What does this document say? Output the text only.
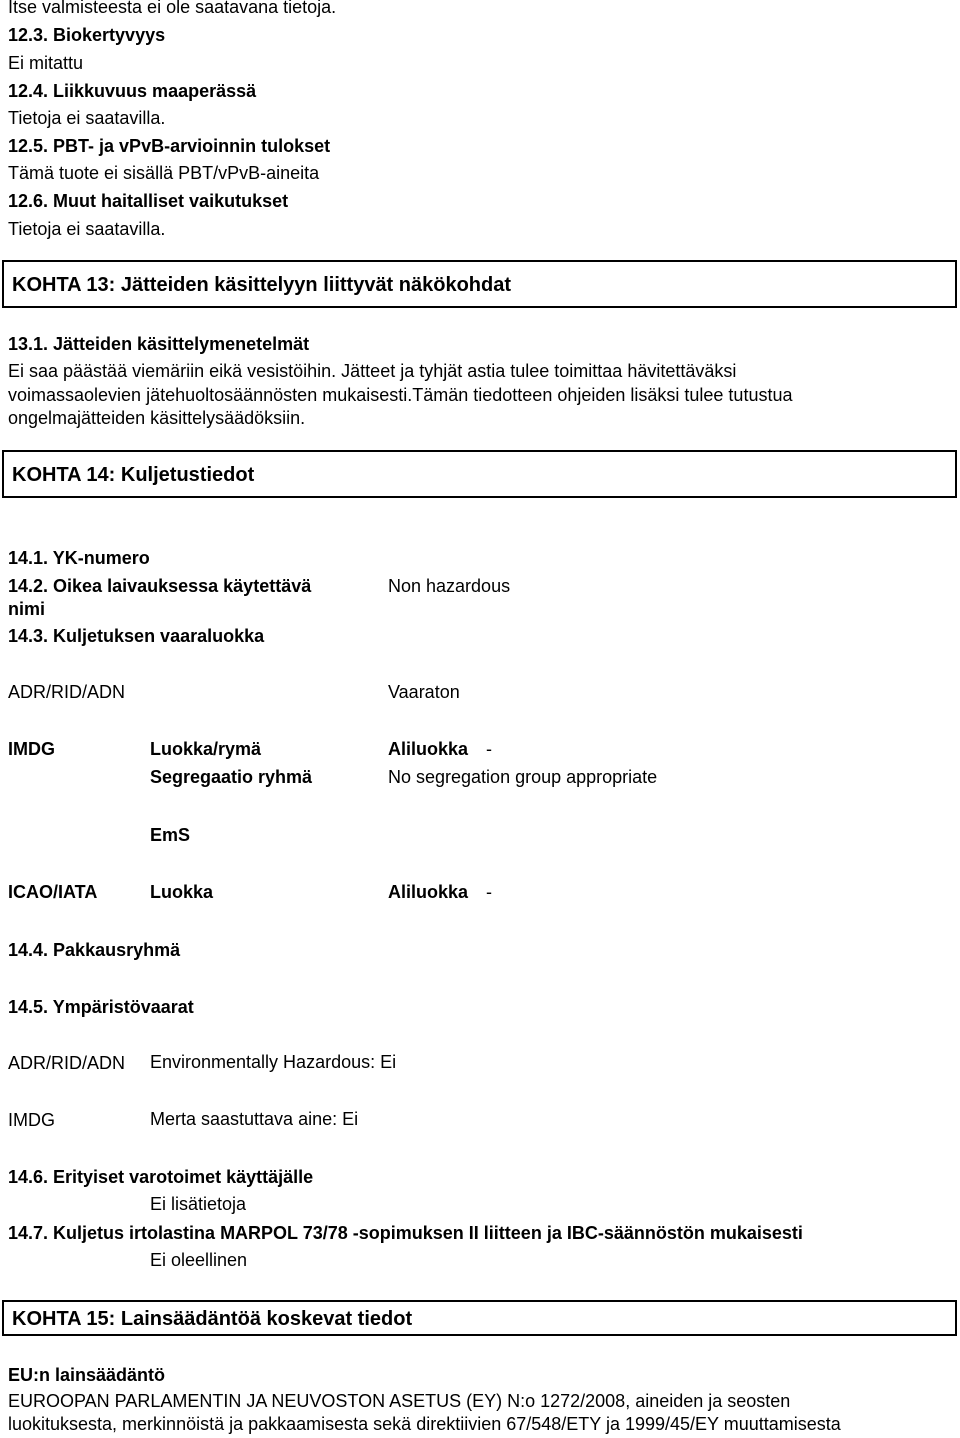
Itse valmisteesta ei ole saatavana tietoja.
12.3. Biokertyvyys
Ei mitattu
12.4. Liikkuvuus maaperässä
Tietoja ei saatavilla.
12.5. PBT- ja vPvB-arvioinnin tulokset
Tämä tuote ei sisällä PBT/vPvB-aineita
12.6. Muut haitalliset vaikutukset
Tietoja ei saatavilla.
KOHTA 13: Jätteiden käsittelyyn liittyvät näkökohdat
13.1. Jätteiden käsittelymenetelmät
Ei saa päästää viemäriin eikä vesistöihin. Jätteet ja tyhjät astia tulee toimittaa hävitettäväksi
voimassaolevien jätehuoltosäännösten mukaisesti.Tämän tiedotteen ohjeiden lisäksi tulee tutustua
ongelmajätteiden käsittelysäädöksiin.
KOHTA 14: Kuljetustiedot
14.1. YK-numero
14.2. Oikea laivauksessa käytettävä
nimi
Non hazardous
14.3. Kuljetuksen vaaraluokka
ADR/RID/ADN	Vaaraton
IMDG	Luokka/rymä	Aliluokka -
Segregaatio ryhmä	No segregation group appropriate
EmS
ICAO/IATA	Luokka	Aliluokka -
14.4. Pakkausryhmä
14.5. Ympäristövaarat
ADR/RID/ADN Environmentally Hazardous: Ei
IMDG	Merta saastuttava aine: Ei
14.6. Erityiset varotoimet käyttäjälle
Ei lisätietoja
14.7. Kuljetus irtolastina MARPOL 73/78 -sopimuksen II liitteen ja IBC-säännöstön mukaisesti
Ei oleellinen
KOHTA 15: Lainsäädäntöä koskevat tiedot
EU:n lainsäädäntö
EUROOPAN PARLAMENTIN JA NEUVOSTON ASETUS (EY) N:o 1272/2008, aineiden ja seosten
luokituksesta, merkinnöistä ja pakkaamisesta sekä direktiivien 67/548/ETY ja 1999/45/EY muuttamisesta
